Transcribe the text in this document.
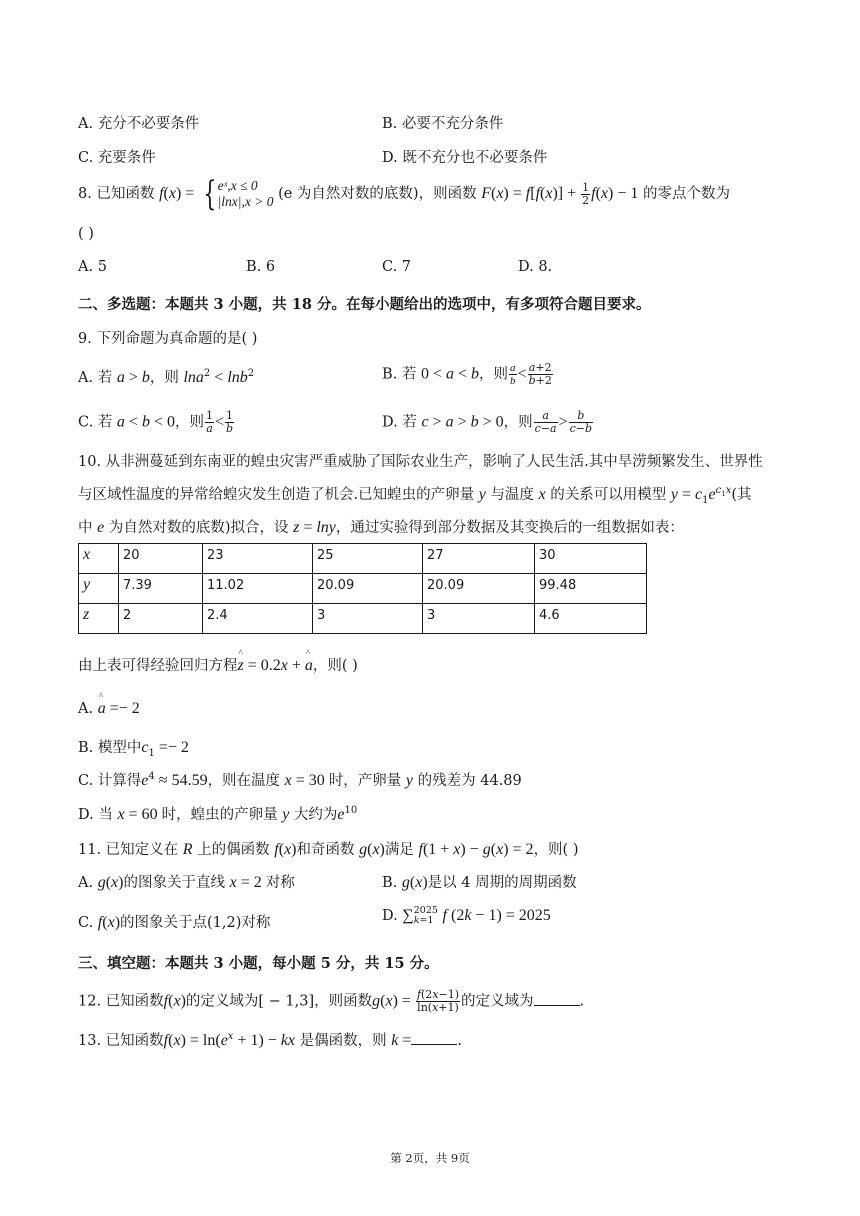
A. 充分不必要条件	B. 必要不充分条件
C. 充要条件	D. 既不充分也不必要条件
8. 已知函数 f(x) = { eˣ,x ≤ 0
|lnx|,x > 0 (e 为自然对数的底数)，则函数 $F(x) = f[f(x)] + \frac{1}{2} f(x) - 1$ 的零点个数为
( )
A. 5	B. 6	C. 7	D. 8.
二、多选题：本题共 3 小题，共 18 分。在每小题给出的选项中，有多项符合题目要求。
9. 下列命题为真命题的是( )
A. 若 a > b，则 lna$^2$ < lnb$^2$	B. 若 0 < a < b，则 $\frac{a}{b} < \frac{a+2}{b+2}$
C. 若 a < b < 0，则 $\frac{1}{a} < \frac{1}{b}$	D. 若 c > a > b > 0，则 $\frac{a}{c-a} > \frac{b}{c-b}$
10. 从非洲蔓延到东南亚的蝗虫灾害严重威胁了国际农业生产，影响了人民生活.其中旱涝频繁发生、世界性
与区域性温度的异常给蝗灾发生创造了机会.已知蝗虫的产卵量 y 与温度 x 的关系可以用模型 $y = c_1e^{c_1x}$(其
中 e 为自然对数的底数)拟合，设 z = lny，通过实验得到部分数据及其变换后的一组数据如表：
x	20	23	25	27	30
y	7.39	11.02	20.09	20.09	99.48
z	2	2.4	3	3	4.6
由上表可得经验回归方程^ z = 0.2x + ^ a，则( )
A. ^ a =− 2
B. 模型中$c_1 =- 2$
C. 计算得$e^4 \approx 54.59$，则在温度 x = 30 时，产卵量 y 的残差为 44.89
D. 当 x = 60 时，蝗虫的产卵量 y 大约为$e^{10}$
11. 已知定义在 R 上的偶函数 f(x)和奇函数 g(x)满足 f(1 + x) − g(x) = 2，则( )
A. g(x)的图象关于直线 x = 2 对称	B. g(x)是以 4 周期的周期函数
C. f(x)的图象关于点(1,2)对称	D. ∑ 2025
k=1 f (2k − 1) = 2025
三、填空题：本题共 3 小题，每小题 5 分，共 15 分。
12. 已知函数f(x)的定义域为[ − 1,3]，则函数$g(x) = \frac{f(2x-1)}{\ln(x+1)}$ 的定义域为	.
13. 已知函数$f(x) = \ln(e^x + 1)$ − kx 是偶函数，则 k =	.
第 2页，共 9页
